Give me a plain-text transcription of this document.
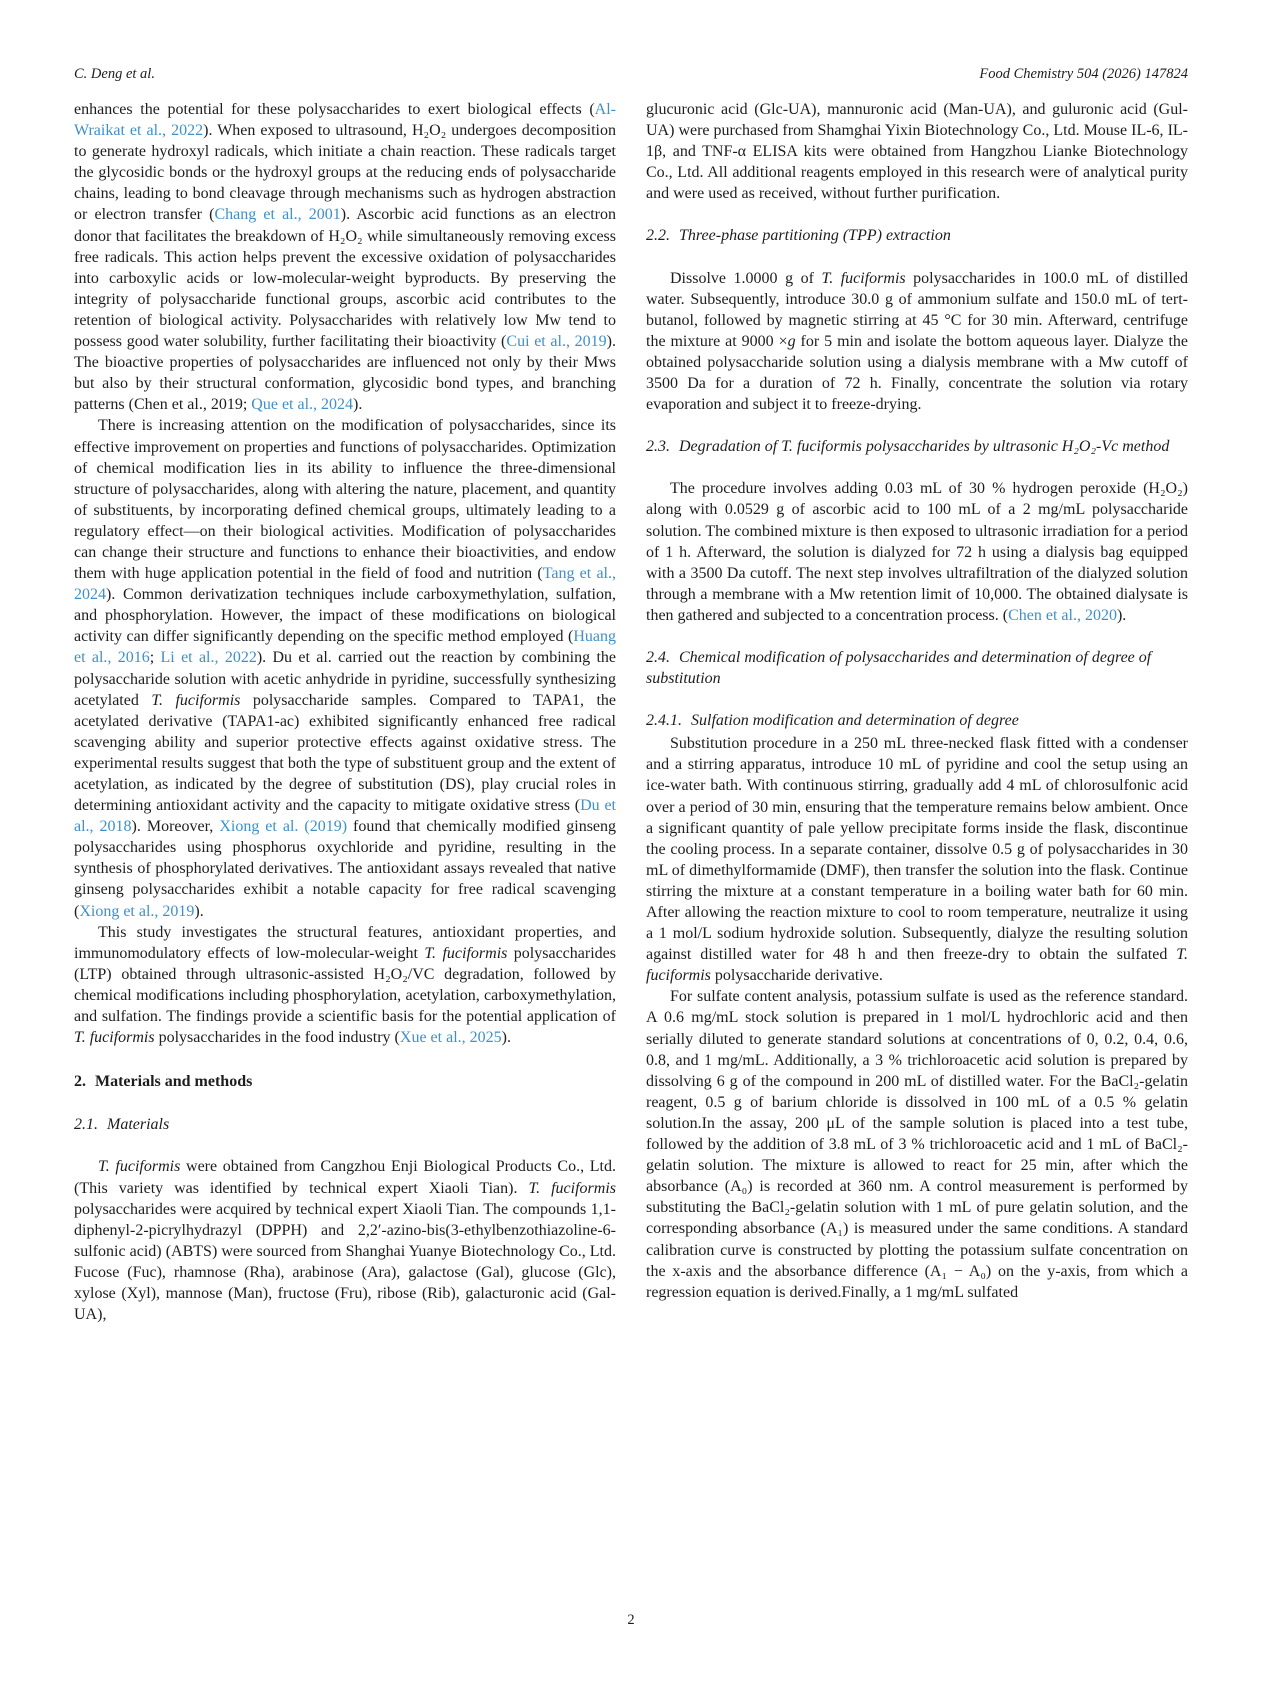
C. Deng et al.	Food Chemistry 504 (2026) 147824

enhances the potential for these polysaccharides to exert biological effects (Al-Wraikat et al., 2022). When exposed to ultrasound, H₂O₂ undergoes decomposition to generate hydroxyl radicals, which initiate a chain reaction. These radicals target the glycosidic bonds or the hydroxyl groups at the reducing ends of polysaccharide chains, leading to bond cleavage through mechanisms such as hydrogen abstraction or electron transfer (Chang et al., 2001). Ascorbic acid functions as an electron donor that facilitates the breakdown of H₂O₂ while simultaneously removing excess free radicals. This action helps prevent the excessive oxidation of polysaccharides into carboxylic acids or low-molecular-weight byproducts. By preserving the integrity of polysaccharide functional groups, ascorbic acid contributes to the retention of biological activity. Polysaccharides with relatively low Mw tend to possess good water solubility, further facilitating their bioactivity (Cui et al., 2019). The bioactive properties of polysaccharides are influenced not only by their Mws but also by their structural conformation, glycosidic bond types, and branching patterns (Chen et al., 2019; Que et al., 2024).

There is increasing attention on the modification of polysaccharides, since its effective improvement on properties and functions of polysaccharides. Optimization of chemical modification lies in its ability to influence the three-dimensional structure of polysaccharides, along with altering the nature, placement, and quantity of substituents, by incorporating defined chemical groups, ultimately leading to a regulatory effect—on their biological activities. Modification of polysaccharides can change their structure and functions to enhance their bioactivities, and endow them with huge application potential in the field of food and nutrition (Tang et al., 2024). Common derivatization techniques include carboxymethylation, sulfation, and phosphorylation. However, the impact of these modifications on biological activity can differ significantly depending on the specific method employed (Huang et al., 2016; Li et al., 2022). Du et al. carried out the reaction by combining the polysaccharide solution with acetic anhydride in pyridine, successfully synthesizing acetylated T. fuciformis polysaccharide samples. Compared to TAPA1, the acetylated derivative (TAPA1-ac) exhibited significantly enhanced free radical scavenging ability and superior protective effects against oxidative stress. The experimental results suggest that both the type of substituent group and the extent of acetylation, as indicated by the degree of substitution (DS), play crucial roles in determining antioxidant activity and the capacity to mitigate oxidative stress (Du et al., 2018). Moreover, Xiong et al. (2019) found that chemically modified ginseng polysaccharides using phosphorus oxychloride and pyridine, resulting in the synthesis of phosphorylated derivatives. The antioxidant assays revealed that native ginseng polysaccharides exhibit a notable capacity for free radical scavenging (Xiong et al., 2019).

This study investigates the structural features, antioxidant properties, and immunomodulatory effects of low-molecular-weight T. fuciformis polysaccharides (LTP) obtained through ultrasonic-assisted H₂O₂/VC degradation, followed by chemical modifications including phosphorylation, acetylation, carboxymethylation, and sulfation. The findings provide a scientific basis for the potential application of T. fuciformis polysaccharides in the food industry (Xue et al., 2025).

2. Materials and methods
2.1. Materials

T. fuciformis were obtained from Cangzhou Enji Biological Products Co., Ltd. (This variety was identified by technical expert Xiaoli Tian). T. fuciformis polysaccharides were acquired by technical expert Xiaoli Tian. The compounds 1,1-diphenyl-2-picrylhydrazyl (DPPH) and 2,2′-azino-bis(3-ethylbenzothiazoline-6-sulfonic acid) (ABTS) were sourced from Shanghai Yuanye Biotechnology Co., Ltd. Fucose (Fuc), rhamnose (Rha), arabinose (Ara), galactose (Gal), glucose (Glc), xylose (Xyl), mannose (Man), fructose (Fru), ribose (Rib), galacturonic acid (Gal-UA),

glucuronic acid (Glc-UA), mannuronic acid (Man-UA), and guluronic acid (Gul-UA) were purchased from Shamghai Yixin Biotechnology Co., Ltd. Mouse IL-6, IL-1β, and TNF-α ELISA kits were obtained from Hangzhou Lianke Biotechnology Co., Ltd. All additional reagents employed in this research were of analytical purity and were used as received, without further purification.

2.2. Three-phase partitioning (TPP) extraction

Dissolve 1.0000 g of T. fuciformis polysaccharides in 100.0 mL of distilled water. Subsequently, introduce 30.0 g of ammonium sulfate and 150.0 mL of tert-butanol, followed by magnetic stirring at 45 °C for 30 min. Afterward, centrifuge the mixture at 9000 ×g for 5 min and isolate the bottom aqueous layer. Dialyze the obtained polysaccharide solution using a dialysis membrane with a Mw cutoff of 3500 Da for a duration of 72 h. Finally, concentrate the solution via rotary evaporation and subject it to freeze-drying.

2.3. Degradation of T. fuciformis polysaccharides by ultrasonic H₂O₂-Vc method

The procedure involves adding 0.03 mL of 30 % hydrogen peroxide (H₂O₂) along with 0.0529 g of ascorbic acid to 100 mL of a 2 mg/mL polysaccharide solution. The combined mixture is then exposed to ultrasonic irradiation for a period of 1 h. Afterward, the solution is dialyzed for 72 h using a dialysis bag equipped with a 3500 Da cutoff. The next step involves ultrafiltration of the dialyzed solution through a membrane with a Mw retention limit of 10,000. The obtained dialysate is then gathered and subjected to a concentration process. (Chen et al., 2020).

2.4. Chemical modification of polysaccharides and determination of degree of substitution
2.4.1. Sulfation modification and determination of degree

Substitution procedure in a 250 mL three-necked flask fitted with a condenser and a stirring apparatus, introduce 10 mL of pyridine and cool the setup using an ice-water bath. With continuous stirring, gradually add 4 mL of chlorosulfonic acid over a period of 30 min, ensuring that the temperature remains below ambient. Once a significant quantity of pale yellow precipitate forms inside the flask, discontinue the cooling process. In a separate container, dissolve 0.5 g of polysaccharides in 30 mL of dimethylformamide (DMF), then transfer the solution into the flask. Continue stirring the mixture at a constant temperature in a boiling water bath for 60 min. After allowing the reaction mixture to cool to room temperature, neutralize it using a 1 mol/L sodium hydroxide solution. Subsequently, dialyze the resulting solution against distilled water for 48 h and then freeze-dry to obtain the sulfated T. fuciformis polysaccharide derivative.

For sulfate content analysis, potassium sulfate is used as the reference standard. A 0.6 mg/mL stock solution is prepared in 1 mol/L hydrochloric acid and then serially diluted to generate standard solutions at concentrations of 0, 0.2, 0.4, 0.6, 0.8, and 1 mg/mL. Additionally, a 3 % trichloroacetic acid solution is prepared by dissolving 6 g of the compound in 200 mL of distilled water. For the BaCl₂-gelatin reagent, 0.5 g of barium chloride is dissolved in 100 mL of a 0.5 % gelatin solution.In the assay, 200 μL of the sample solution is placed into a test tube, followed by the addition of 3.8 mL of 3 % trichloroacetic acid and 1 mL of BaCl₂-gelatin solution. The mixture is allowed to react for 25 min, after which the absorbance (A₀) is recorded at 360 nm. A control measurement is performed by substituting the BaCl₂-gelatin solution with 1 mL of pure gelatin solution, and the corresponding absorbance (A₁) is measured under the same conditions. A standard calibration curve is constructed by plotting the potassium sulfate concentration on the x-axis and the absorbance difference (A₁ − A₀) on the y-axis, from which a regression equation is derived.Finally, a 1 mg/mL sulfated

2
